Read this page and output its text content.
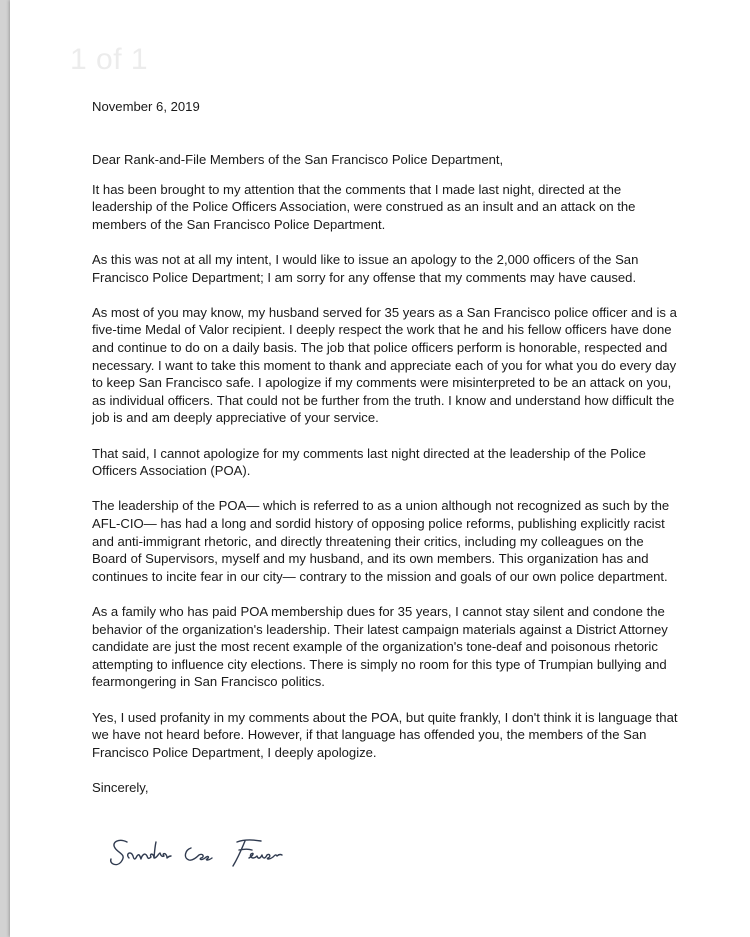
1 of 1

November 6, 2019

Dear Rank-and-File Members of the San Francisco Police Department,

It has been brought to my attention that the comments that I made last night, directed at the leadership of the Police Officers Association, were construed as an insult and an attack on the members of the San Francisco Police Department.

As this was not at all my intent, I would like to issue an apology to the 2,000 officers of the San Francisco Police Department; I am sorry for any offense that my comments may have caused.

As most of you may know, my husband served for 35 years as a San Francisco police officer and is a five-time Medal of Valor recipient. I deeply respect the work that he and his fellow officers have done and continue to do on a daily basis. The job that police officers perform is honorable, respected and necessary. I want to take this moment to thank and appreciate each of you for what you do every day to keep San Francisco safe. I apologize if my comments were misinterpreted to be an attack on you, as individual officers. That could not be further from the truth. I know and understand how difficult the job is and am deeply appreciative of your service.

That said, I cannot apologize for my comments last night directed at the leadership of the Police Officers Association (POA).

The leadership of the POA— which is referred to as a union although not recognized as such by the AFL-CIO— has had a long and sordid history of opposing police reforms, publishing explicitly racist and anti-immigrant rhetoric, and directly threatening their critics, including my colleagues on the Board of Supervisors, myself and my husband, and its own members. This organization has and continues to incite fear in our city— contrary to the mission and goals of our own police department.

As a family who has paid POA membership dues for 35 years, I cannot stay silent and condone the behavior of the organization's leadership. Their latest campaign materials against a District Attorney candidate are just the most recent example of the organization's tone-deaf and poisonous rhetoric attempting to influence city elections. There is simply no room for this type of Trumpian bullying and fearmongering in San Francisco politics.

Yes, I used profanity in my comments about the POA, but quite frankly, I don't think it is language that we have not heard before. However, if that language has offended you, the members of the San Francisco Police Department, I deeply apologize.

Sincerely,
